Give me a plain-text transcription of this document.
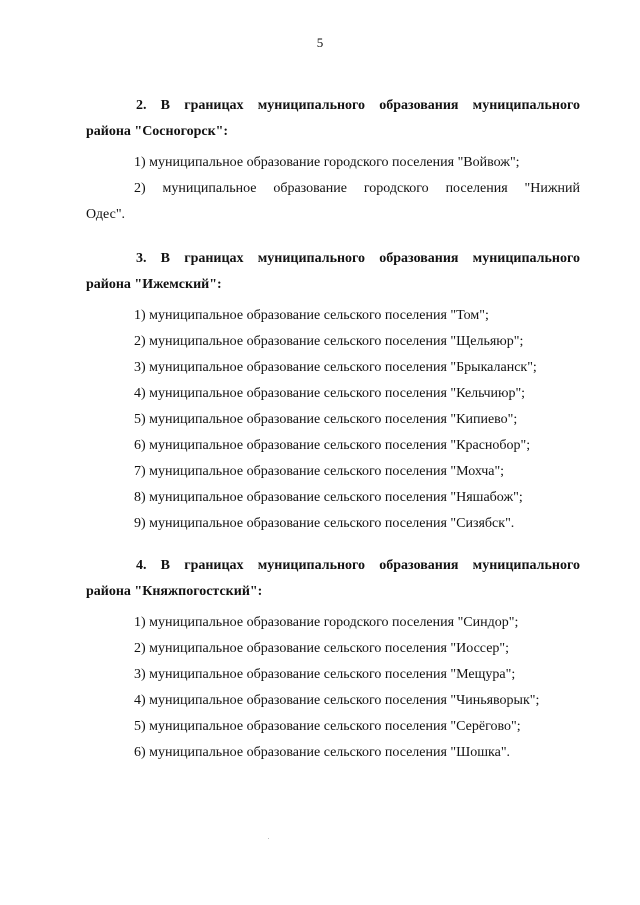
5
2. В границах муниципального образования муниципального
района "Сосногорск":
1) муниципальное образование городского поселения "Войвож";
2) муниципальное образование городского поселения "Нижний
Одес".
3. В границах муниципального образования муниципального
района "Ижемский":
1) муниципальное образование сельского поселения "Том";
2) муниципальное образование сельского поселения "Щельяюр";
3) муниципальное образование сельского поселения "Брыкаланск";
4) муниципальное образование сельского поселения "Кельчиюр";
5) муниципальное образование сельского поселения "Кипиево";
6) муниципальное образование сельского поселения "Краснобор";
7) муниципальное образование сельского поселения "Мохча";
8) муниципальное образование сельского поселения "Няшабож";
9) муниципальное образование сельского поселения "Сизябск".
4. В границах муниципального образования муниципального
района "Княжпогостский":
1) муниципальное образование городского поселения "Синдор";
2) муниципальное образование сельского поселения "Иоссер";
3) муниципальное образование сельского поселения "Мещура";
4) муниципальное образование сельского поселения "Чиньяворык";
5) муниципальное образование сельского поселения "Серёгово";
6) муниципальное образование сельского поселения "Шошка".
